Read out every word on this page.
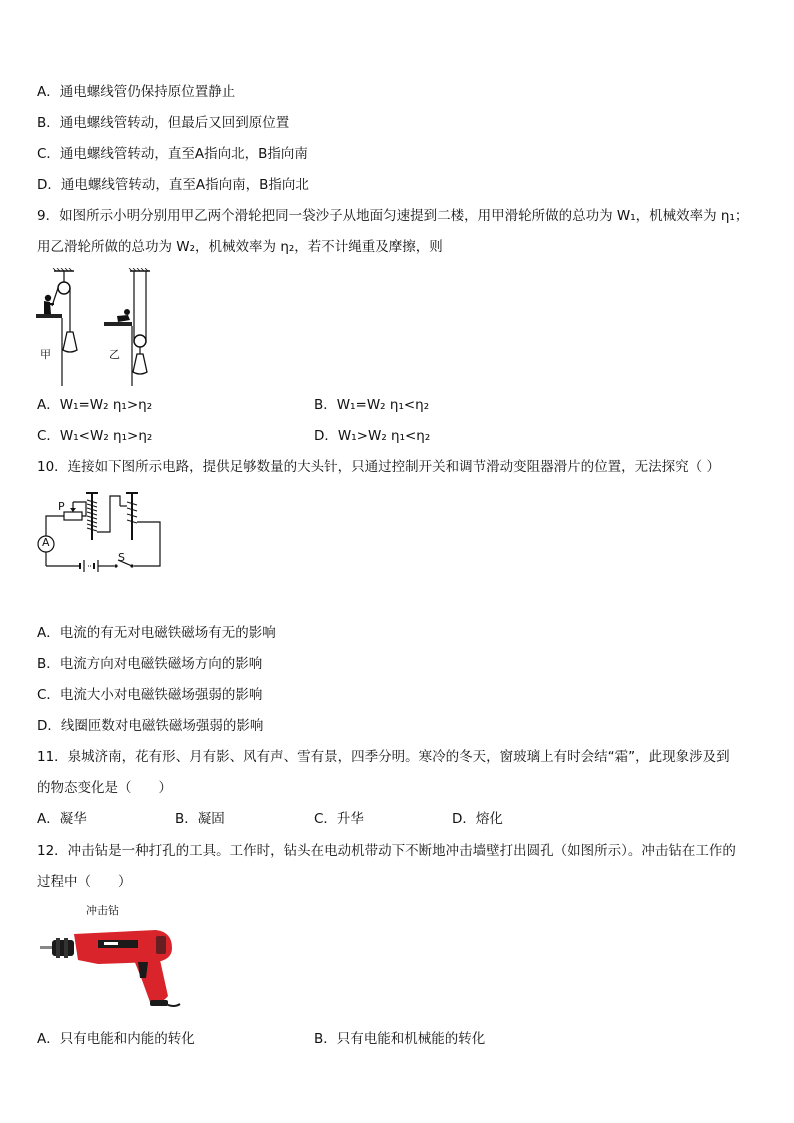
A．通电螺线管仍保持原位置静止
B．通电螺线管转动，但最后又回到原位置
C．通电螺线管转动，直至A指向北，B指向南
D．通电螺线管转动，直至A指向南，B指向北
9．如图所示小明分别用甲乙两个滑轮把同一袋沙子从地面匀速提到二楼，用甲滑轮所做的总功为 W₁，机械效率为 η₁；
用乙滑轮所做的总功为 W₂，机械效率为 η₂，若不计绳重及摩擦，则
甲	乙
A．W₁=W₂ η₁>η₂	B．W₁=W₂ η₁<η₂
C．W₁<W₂ η₁>η₂	D．W₁>W₂ η₁<η₂
10．连接如下图所示电路，提供足够数量的大头针，只通过控制开关和调节滑动变阻器滑片的位置，无法探究（ ）
P
A
S
A．电流的有无对电磁铁磁场有无的影响
B．电流方向对电磁铁磁场方向的影响
C．电流大小对电磁铁磁场强弱的影响
D．线圈匝数对电磁铁磁场强弱的影响
11．泉城济南，花有形、月有影、风有声、雪有景，四季分明。寒冷的冬天，窗玻璃上有时会结“霜”，此现象涉及到
的物态变化是（　　）
A．凝华	B．凝固	C．升华	D．熔化
12．冲击钻是一种打孔的工具。工作时，钻头在电动机带动下不断地冲击墙壁打出圆孔（如图所示）。冲击钻在工作的
过程中（　　）
冲击钻
A．只有电能和内能的转化	B．只有电能和机械能的转化
